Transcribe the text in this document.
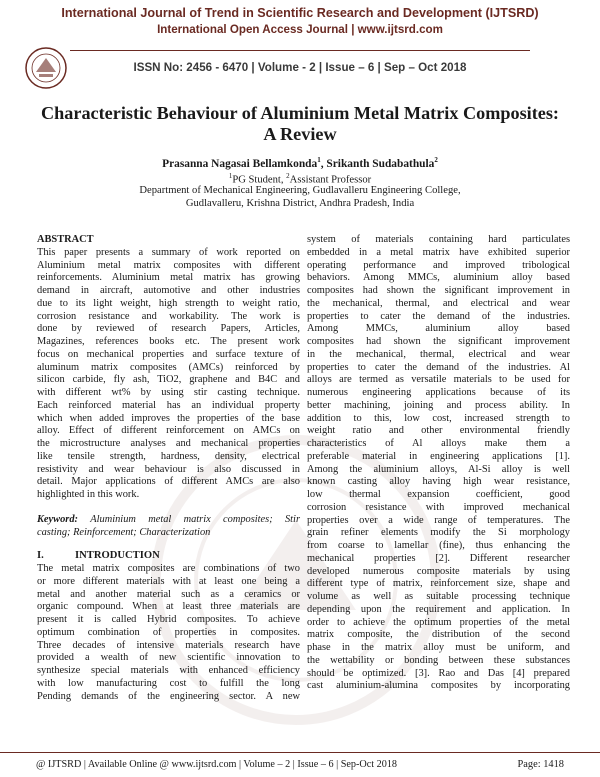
International Journal of Trend in Scientific Research and Development (IJTSRD)
International Open Access Journal | www.ijtsrd.com
ISSN No: 2456 - 6470 | Volume - 2 | Issue – 6 | Sep – Oct 2018
Characteristic Behaviour of Aluminium Metal Matrix Composites:
A Review
Prasanna Nagasai Bellamkonda$^1$, Srikanth Sudabathula$^2$
$^1$PG Student, $^2$Assistant Professor
Department of Mechanical Engineering, Gudlavalleru Engineering College,
Gudlavalleru, Krishna District, Andhra Pradesh, India
ABSTRACT
This paper presents a summary of work reported on
Aluminium metal matrix composites with different
reinforcements. Aluminium metal matrix has growing
demand in aircraft, automotive and other industries
due to its light weight, high strength to weight ratio,
corrosion resistance and workability. The work is
done by reviewed of research Papers, Articles,
Magazines, references books etc. The present work
focus on mechanical properties and surface texture of
aluminum matrix composites (AMCs) reinforced by
silicon carbide, fly ash, TiO2, graphene and B4C and
with different wt% by using stir casting technique.
Each reinforced material has an individual property
which when added improves the properties of the base
alloy. Effect of different reinforcement on AMCs on
the microstructure analyses and mechanical properties
like tensile strength, hardness, density, electrical
resistivity and wear behaviour is also discussed in
detail. Major applications of different AMCs are also
highlighted in this work.
Keyword: Aluminium metal matrix composites; Stir
casting; Reinforcement; Characterization
I.	INTRODUCTION
The metal matrix composites are combinations of two
or more different materials with at least one being a
metal and another material such as a ceramics or
organic compound. When at least three materials are
present it is called Hybrid composites. To achieve
optimum combination of properties in composites.
Three decades of intensive materials research have
provided a wealth of new scientific innovation to
synthesize special materials with enhanced efficiency
with low manufacturing cost to fulfill the long
Pending demands of the engineering sector. A new
system of materials containing hard particulates
embedded in a metal matrix have exhibited superior
operating performance and improved tribological
behaviors. Among MMCs, aluminium alloy based
composites had shown the significant improvement in
the mechanical, thermal, and electrical and wear
properties to cater the demand of the industries.
Among MMCs, aluminium alloy based
composites had shown the significant improvement
in the mechanical, thermal, electrical and wear
properties to cater the demand of the industries. Al
alloys are termed as versatile materials to be used for
numerous engineering applications because of its
better machining, joining and process ability. In
addition to this, low cost, increased strength to
weight ratio and other environmental friendly
characteristics of Al alloys make them a
preferable material in engineering applications [1].
Among the aluminium alloys, Al-Si alloy is well
known casting alloy having high wear resistance,
low thermal expansion coefficient, good
corrosion resistance with improved mechanical
properties over a wide range of temperatures. The
grain refiner elements modify the Si morphology
from coarse to lamellar (fine), thus enhancing the
mechanical properties [2]. Different researcher
developed numerous composite materials by using
different type of matrix, reinforcement size, shape and
volume as well as suitable processing technique
depending upon the requirement and application. In
order to achieve the optimum properties of the metal
matrix composite, the distribution of the second
phase in the matrix alloy must be uniform, and
the wettability or bonding between these substances
should be optimized. [3]. Rao and Das [4] prepared
cast aluminium-alumina composites by incorporating
@ IJTSRD | Available Online @ www.ijtsrd.com | Volume – 2 | Issue – 6 | Sep-Oct 2018	Page: 1418
